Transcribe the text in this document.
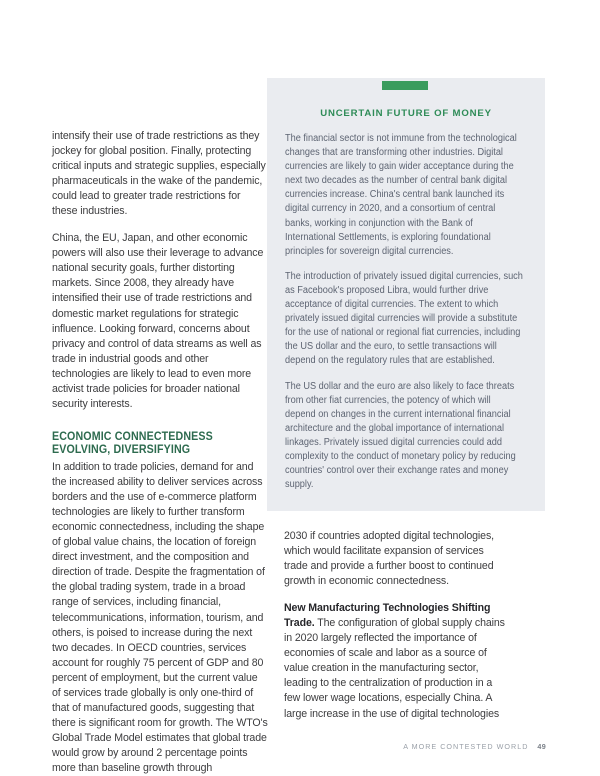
intensify their use of trade restrictions as they jockey for global position. Finally, protecting critical inputs and strategic supplies, especially pharmaceuticals in the wake of the pandemic, could lead to greater trade restrictions for these industries.

China, the EU, Japan, and other economic powers will also use their leverage to advance national security goals, further distorting markets. Since 2008, they already have intensified their use of trade restrictions and domestic market regulations for strategic influence. Looking forward, concerns about privacy and control of data streams as well as trade in industrial goods and other technologies are likely to lead to even more activist trade policies for broader national security interests.

ECONOMIC CONNECTEDNESS
EVOLVING, DIVERSIFYING

In addition to trade policies, demand for and the increased ability to deliver services across borders and the use of e-commerce platform technologies are likely to further transform economic connectedness, including the shape of global value chains, the location of foreign direct investment, and the composition and direction of trade. Despite the fragmentation of the global trading system, trade in a broad range of services, including financial, telecommunications, information, tourism, and others, is poised to increase during the next two decades. In OECD countries, services account for roughly 75 percent of GDP and 80 percent of employment, but the current value of services trade globally is only one-third of that of manufactured goods, suggesting that there is significant room for growth. The WTO's Global Trade Model estimates that global trade would grow by around 2 percentage points more than baseline growth through

UNCERTAIN FUTURE OF MONEY

The financial sector is not immune from the technological changes that are transforming other industries. Digital currencies are likely to gain wider acceptance during the next two decades as the number of central bank digital currencies increase. China's central bank launched its digital currency in 2020, and a consortium of central banks, working in conjunction with the Bank of International Settlements, is exploring foundational principles for sovereign digital currencies.

The introduction of privately issued digital currencies, such as Facebook's proposed Libra, would further drive acceptance of digital currencies. The extent to which privately issued digital currencies will provide a substitute for the use of national or regional fiat currencies, including the US dollar and the euro, to settle transactions will depend on the regulatory rules that are established.

The US dollar and the euro are also likely to face threats from other fiat currencies, the potency of which will depend on changes in the current international financial architecture and the global importance of international linkages. Privately issued digital currencies could add complexity to the conduct of monetary policy by reducing countries' control over their exchange rates and money supply.

2030 if countries adopted digital technologies, which would facilitate expansion of services trade and provide a further boost to continued growth in economic connectedness.

New Manufacturing Technologies Shifting Trade. The configuration of global supply chains in 2020 largely reflected the importance of economies of scale and labor as a source of value creation in the manufacturing sector, leading to the centralization of production in a few lower wage locations, especially China. A large increase in the use of digital technologies

A MORE CONTESTED WORLD 49
